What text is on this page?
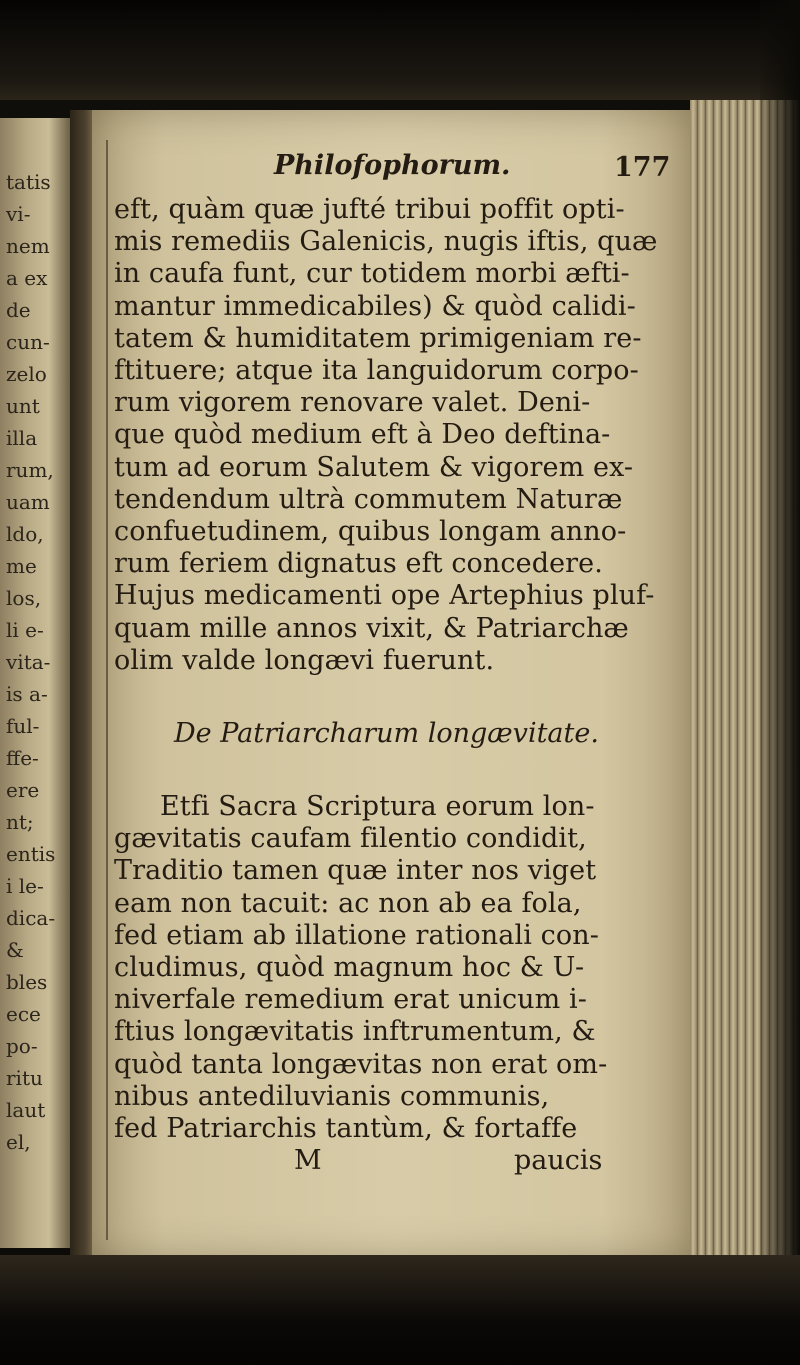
tatis
vi-
nem
a ex
de
cun-
zelo
unt
illa
rum,
uam
ldo,
me
los,
li e-
vita-
is a-
ful-
ffe-
ere
nt;
entis
i le-
dica-
&
bles
ece
po-
ritu
laut
el,
Philofophorum.	177
eft, quàm quæ jufté tribui poffit opti-
mis remediis Galenicis, nugis iftis, quæ
in caufa funt, cur totidem morbi æfti-
mantur immedicabiles) & quòd calidi-
tatem & humiditatem primigeniam re-
ftituere; atque ita languidorum corpo-
rum vigorem renovare valet. Deni-
que quòd medium eft à Deo deftina-
tum ad eorum Salutem & vigorem ex-
tendendum ultrà commutem Naturæ
confuetudinem, quibus longam anno-
rum feriem dignatus eft concedere.
Hujus medicamenti ope Artephius pluf-
quam mille annos vixit, & Patriarchæ
olim valde longævi fuerunt.
De Patriarcharum longævitate.
Etfi Sacra Scriptura eorum lon-
gævitatis caufam filentio condidit,
Traditio tamen quæ inter nos viget
eam non tacuit: ac non ab ea fola,
fed etiam ab illatione rationali con-
cludimus, quòd magnum hoc & U-
niverfale remedium erat unicum i-
ftius longævitatis inftrumentum, &
quòd tanta longævitas non erat om-
nibus antediluvianis communis,
fed Patriarchis tantùm, & fortaffe
M	paucis
